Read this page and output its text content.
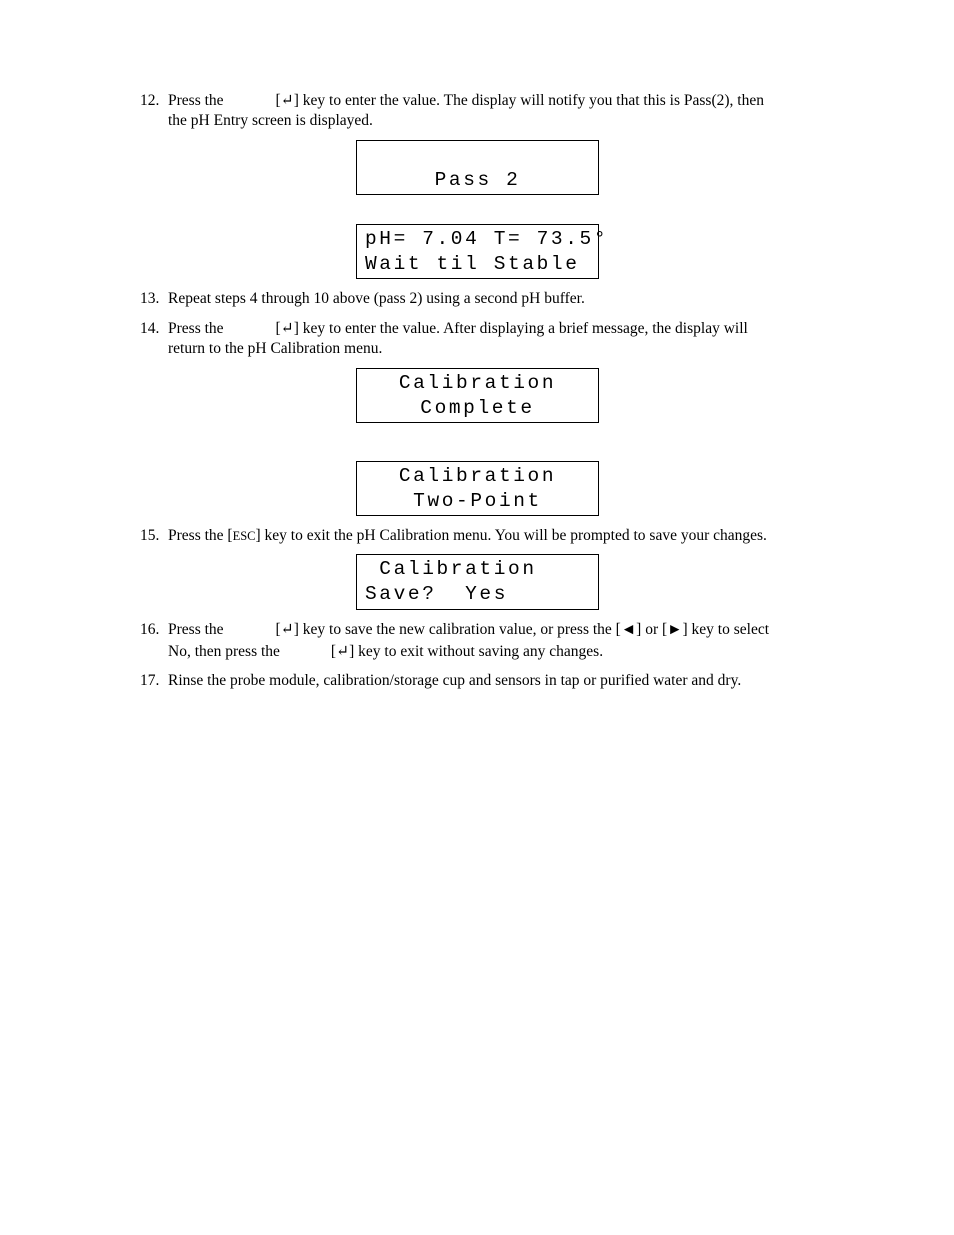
12. Press the	[↵] key to enter the value. The display will notify you that this is Pass(2), then
the pH Entry screen is displayed.
Pass 2
pH= 7.04 T= 73.5°
Wait til Stable
13. Repeat steps 4 through 10 above (pass 2) using a second pH buffer.
14. Press the	[↵] key to enter the value. After displaying a brief message, the display will
return to the pH Calibration menu.
Calibration
Complete
Calibration
Two-Point
15. Press the [ESC] key to exit the pH Calibration menu. You will be prompted to save your changes.
Calibration
Save?  Yes
16. Press the	[↵] key to save the new calibration value, or press the [◄] or [►] key to select
No, then press the	[↵] key to exit without saving any changes.
17. Rinse the probe module, calibration/storage cup and sensors in tap or purified water and dry.
